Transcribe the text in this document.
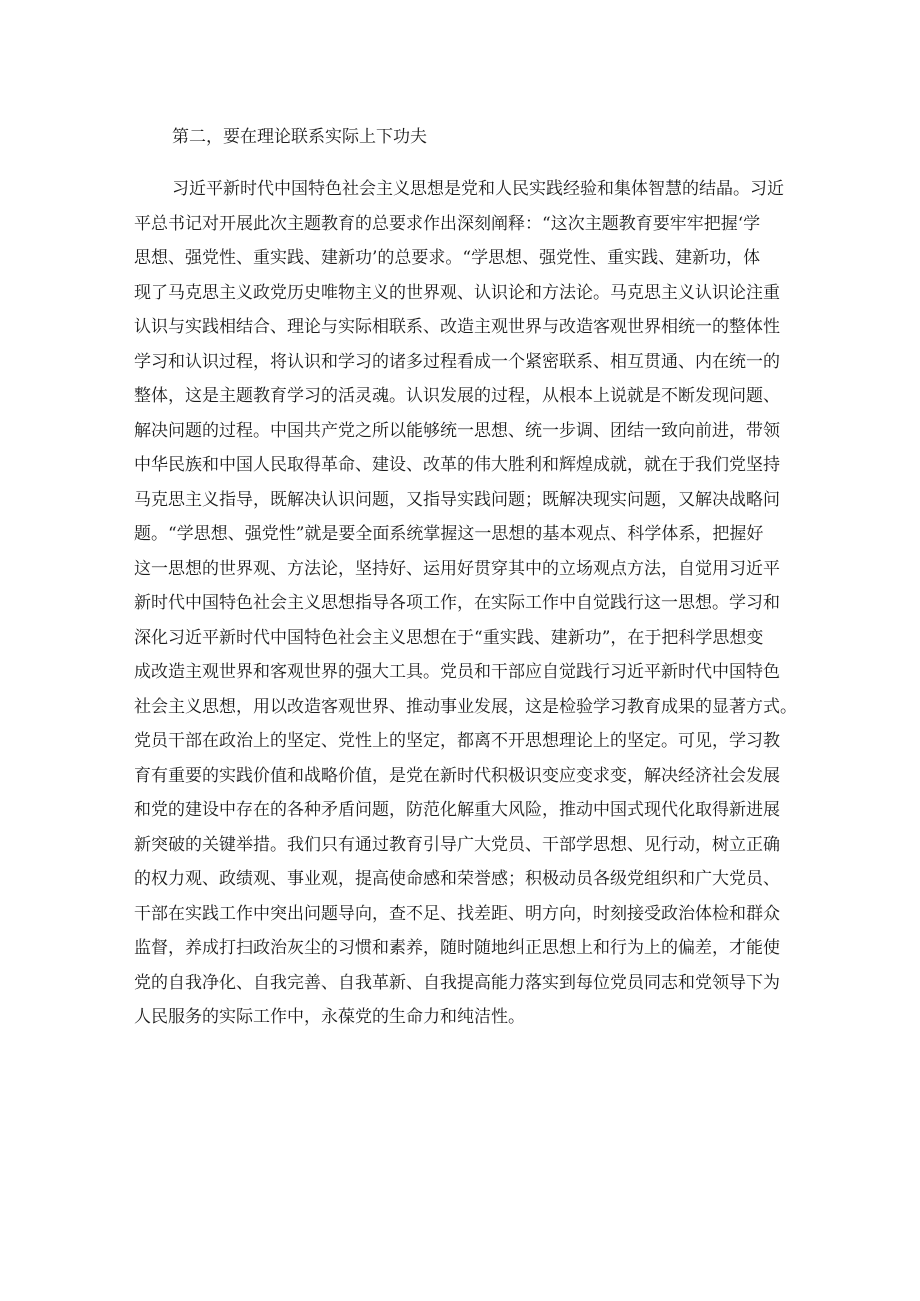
第二，要在理论联系实际上下功夫
习近平新时代中国特色社会主义思想是党和人民实践经验和集体智慧的结晶。习近
平总书记对开展此次主题教育的总要求作出深刻阐释：“这次主题教育要牢牢把握‘学
思想、强党性、重实践、建新功’的总要求。“学思想、强党性、重实践、建新功，体
现了马克思主义政党历史唯物主义的世界观、认识论和方法论。马克思主义认识论注重
认识与实践相结合、理论与实际相联系、改造主观世界与改造客观世界相统一的整体性
学习和认识过程，将认识和学习的诸多过程看成一个紧密联系、相互贯通、内在统一的
整体，这是主题教育学习的活灵魂。认识发展的过程，从根本上说就是不断发现问题、
解决问题的过程。中国共产党之所以能够统一思想、统一步调、团结一致向前进，带领
中华民族和中国人民取得革命、建设、改革的伟大胜利和辉煌成就，就在于我们党坚持
马克思主义指导，既解决认识问题，又指导实践问题；既解决现实问题，又解决战略问
题。“学思想、强党性”就是要全面系统掌握这一思想的基本观点、科学体系，把握好
这一思想的世界观、方法论，坚持好、运用好贯穿其中的立场观点方法，自觉用习近平
新时代中国特色社会主义思想指导各项工作，在实际工作中自觉践行这一思想。学习和
深化习近平新时代中国特色社会主义思想在于“重实践、建新功”，在于把科学思想变
成改造主观世界和客观世界的强大工具。党员和干部应自觉践行习近平新时代中国特色
社会主义思想，用以改造客观世界、推动事业发展，这是检验学习教育成果的显著方式。
党员干部在政治上的坚定、党性上的坚定，都离不开思想理论上的坚定。可见，学习教
育有重要的实践价值和战略价值，是党在新时代积极识变应变求变，解决经济社会发展
和党的建设中存在的各种矛盾问题，防范化解重大风险，推动中国式现代化取得新进展
新突破的关键举措。我们只有通过教育引导广大党员、干部学思想、见行动，树立正确
的权力观、政绩观、事业观，提高使命感和荣誉感；积极动员各级党组织和广大党员、
干部在实践工作中突出问题导向，查不足、找差距、明方向，时刻接受政治体检和群众
监督，养成打扫政治灰尘的习惯和素养，随时随地纠正思想上和行为上的偏差，才能使
党的自我净化、自我完善、自我革新、自我提高能力落实到每位党员同志和党领导下为
人民服务的实际工作中，永葆党的生命力和纯洁性。
